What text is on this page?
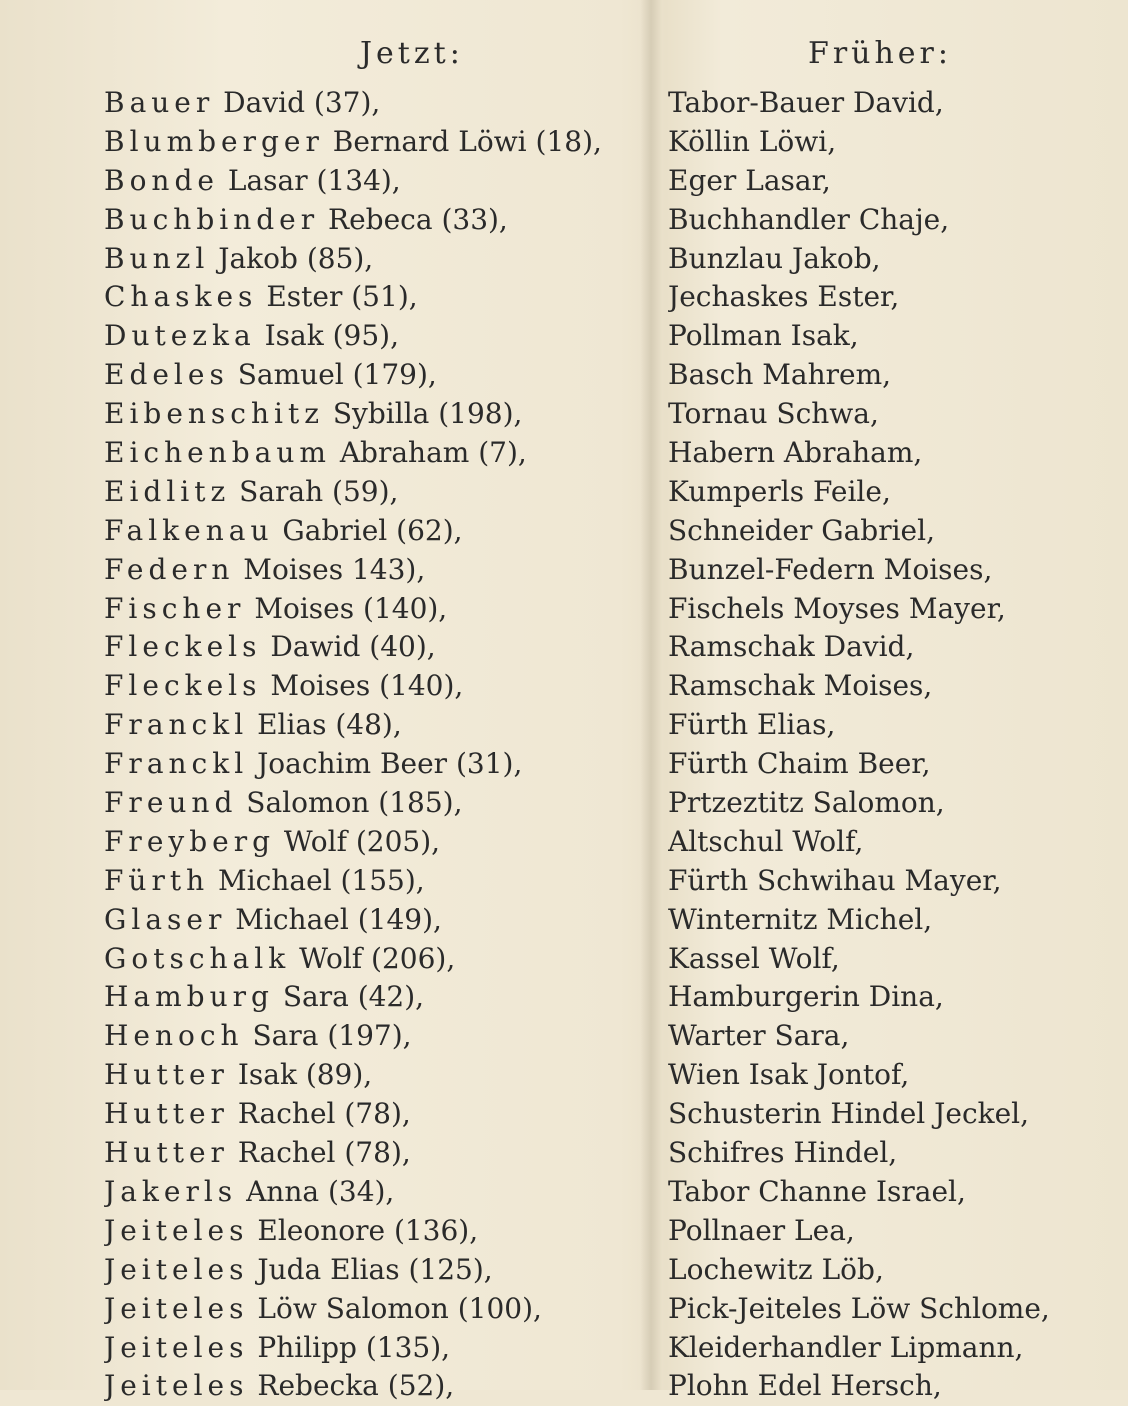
Jetzt:	Früher:
Bauer David (37),
Blumberger Bernard Löwi (18),
Bonde Lasar (134),
Buchbinder Rebeca (33),
Bunzl Jakob (85),
Chaskes Ester (51),
Dutezka Isak (95),
Edeles Samuel (179),
Eibenschitz Sybilla (198),
Eichenbaum Abraham (7),
Eidlitz Sarah (59),
Falkenau Gabriel (62),
Federn Moises 143),
Fischer Moises (140),
Fleckels Dawid (40),
Fleckels Moises (140),
Franckl Elias (48),
Franckl Joachim Beer (31),
Freund Salomon (185),
Freyberg Wolf (205),
Fürth Michael (155),
Glaser Michael (149),
Gotschalk Wolf (206),
Hamburg Sara (42),
Henoch Sara (197),
Hutter Isak (89),
Hutter Rachel (78),
Hutter Rachel (78),
Jakerls Anna (34),
Jeiteles Eleonore (136),
Jeiteles Juda Elias (125),
Jeiteles Löw Salomon (100),
Jeiteles Philipp (135),
Jeiteles Rebecka (52),
Tabor-Bauer David,
Köllin Löwi,
Eger Lasar,
Buchhandler Chaje,
Bunzlau Jakob,
Jechaskes Ester,
Pollman Isak,
Basch Mahrem,
Tornau Schwa,
Habern Abraham,
Kumperls Feile,
Schneider Gabriel,
Bunzel-Federn Moises,
Fischels Moyses Mayer,
Ramschak David,
Ramschak Moises,
Fürth Elias,
Fürth Chaim Beer,
Prtzeztitz Salomon,
Altschul Wolf,
Fürth Schwihau Mayer,
Winternitz Michel,
Kassel Wolf,
Hamburgerin Dina,
Warter Sara,
Wien Isak Jontof,
Schusterin Hindel Jeckel,
Schifres Hindel,
Tabor Channe Israel,
Pollnaer Lea,
Lochewitz Löb,
Pick-Jeiteles Löw Schlome,
Kleiderhandler Lipmann,
Plohn Edel Hersch,
